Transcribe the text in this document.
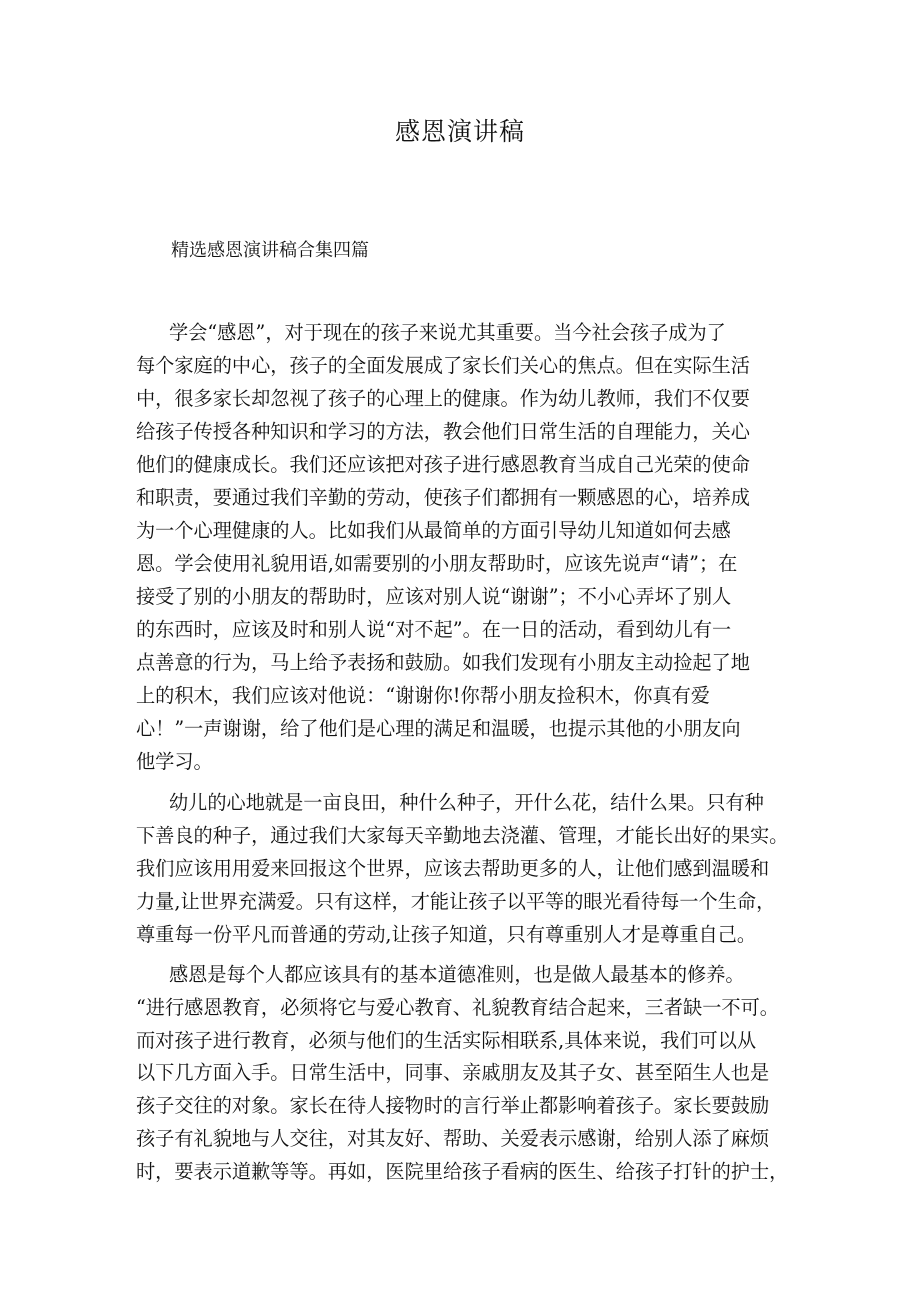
感恩演讲稿

精选感恩演讲稿合集四篇

学会“感恩”，对于现在的孩子来说尤其重要。当今社会孩子成为了
每个家庭的中心，孩子的全面发展成了家长们关心的焦点。但在实际生活
中，很多家长却忽视了孩子的心理上的健康。作为幼儿教师，我们不仅要
给孩子传授各种知识和学习的方法，教会他们日常生活的自理能力，关心
他们的健康成长。我们还应该把对孩子进行感恩教育当成自己光荣的使命
和职责，要通过我们辛勤的劳动，使孩子们都拥有一颗感恩的心，培养成
为一个心理健康的人。比如我们从最简单的方面引导幼儿知道如何去感
恩。学会使用礼貌用语,如需要别的小朋友帮助时，应该先说声“请”；在
接受了别的小朋友的帮助时，应该对别人说“谢谢”；不小心弄坏了别人
的东西时，应该及时和别人说“对不起”。在一日的活动，看到幼儿有一
点善意的行为，马上给予表扬和鼓励。如我们发现有小朋友主动捡起了地
上的积木，我们应该对他说：“谢谢你!你帮小朋友捡积木，你真有爱
心！”一声谢谢，给了他们是心理的满足和温暖，也提示其他的小朋友向
他学习。

幼儿的心地就是一亩良田，种什么种子，开什么花，结什么果。只有种
下善良的种子，通过我们大家每天辛勤地去浇灌、管理，才能长出好的果实。
我们应该用用爱来回报这个世界，应该去帮助更多的人，让他们感到温暖和
力量,让世界充满爱。只有这样，才能让孩子以平等的眼光看待每一个生命，
尊重每一份平凡而普通的劳动,让孩子知道，只有尊重别人才是尊重自己。

感恩是每个人都应该具有的基本道德准则，也是做人最基本的修养。
“进行感恩教育，必须将它与爱心教育、礼貌教育结合起来，三者缺一不可。
而对孩子进行教育，必须与他们的生活实际相联系,具体来说，我们可以从
以下几方面入手。日常生活中，同事、亲戚朋友及其子女、甚至陌生人也是
孩子交往的对象。家长在待人接物时的言行举止都影响着孩子。家长要鼓励
孩子有礼貌地与人交往，对其友好、帮助、关爱表示感谢，给别人添了麻烦
时，要表示道歉等等。再如，医院里给孩子看病的医生、给孩子打针的护士，
